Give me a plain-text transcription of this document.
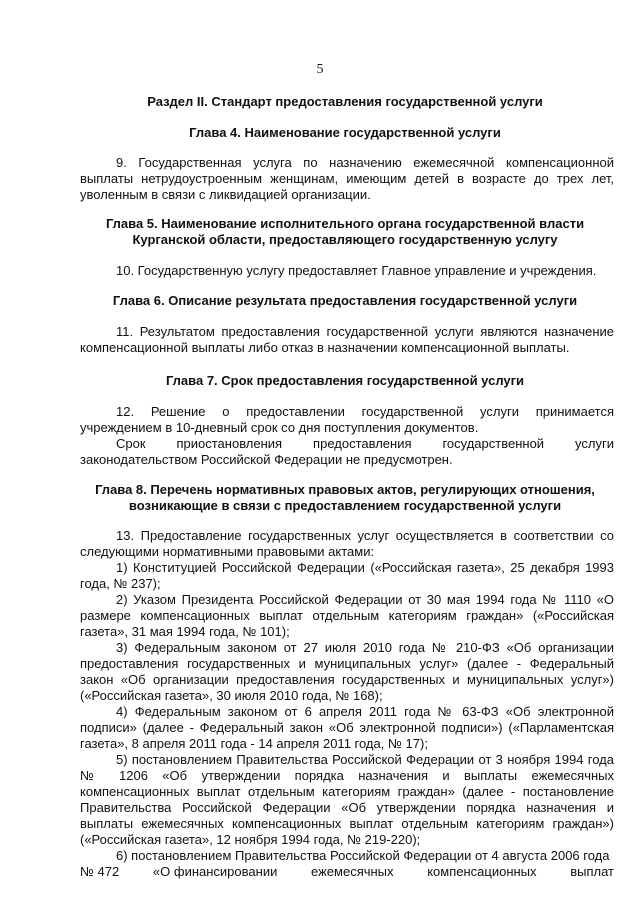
5
Раздел II. Стандарт предоставления государственной услуги
Глава 4. Наименование государственной услуги
9. Государственная услуга по назначению ежемесячной компенсационной выплаты нетрудоустроенным женщинам, имеющим детей в возрасте до трех лет, уволенным в связи с ликвидацией организации.
Глава 5. Наименование исполнительного органа государственной власти
Курганской области, предоставляющего государственную услугу
10. Государственную услугу предоставляет Главное управление и учреждения.
Глава 6. Описание результата предоставления государственной услуги
11. Результатом предоставления государственной услуги являются назначение компенсационной выплаты либо отказ в назначении компенсационной выплаты.
Глава 7. Срок предоставления государственной услуги
12. Решение о предоставлении государственной услуги принимается учреждением в 10-дневный срок со дня поступления документов.
Срок приостановления предоставления государственной услуги
законодательством Российской Федерации не предусмотрен.
Глава 8. Перечень нормативных правовых актов, регулирующих отношения,
возникающие в связи с предоставлением государственной услуги
13. Предоставление государственных услуг осуществляется в соответствии со следующими нормативными правовыми актами:
1) Конституцией Российской Федерации («Российская газета», 25 декабря 1993 года, № 237);
2) Указом Президента Российской Федерации от 30 мая 1994 года № 1110 «О размере компенсационных выплат отдельным категориям граждан» («Российская газета», 31 мая 1994 года, № 101);
3) Федеральным законом от 27 июля 2010 года № 210-ФЗ «Об организации предоставления государственных и муниципальных услуг» (далее - Федеральный закон «Об организации предоставления государственных и муниципальных услуг») («Российская газета», 30 июля 2010 года, № 168);
4) Федеральным законом от 6 апреля 2011 года № 63-ФЗ «Об электронной подписи» (далее - Федеральный закон «Об электронной подписи») («Парламентская газета», 8 апреля 2011 года - 14 апреля 2011 года, № 17);
5) постановлением Правительства Российской Федерации от 3 ноября 1994 года № 1206 «Об утверждении порядка назначения и выплаты ежемесячных компенсационных выплат отдельным категориям граждан» (далее - постановление Правительства Российской Федерации «Об утверждении порядка назначения и выплаты ежемесячных компенсационных выплат отдельным категориям граждан») («Российская газета», 12 ноября 1994 года, № 219-220);
6) постановлением Правительства Российской Федерации от 4 августа 2006 года
№ 472	«О финансировании	ежемесячных	компенсационных	выплат
